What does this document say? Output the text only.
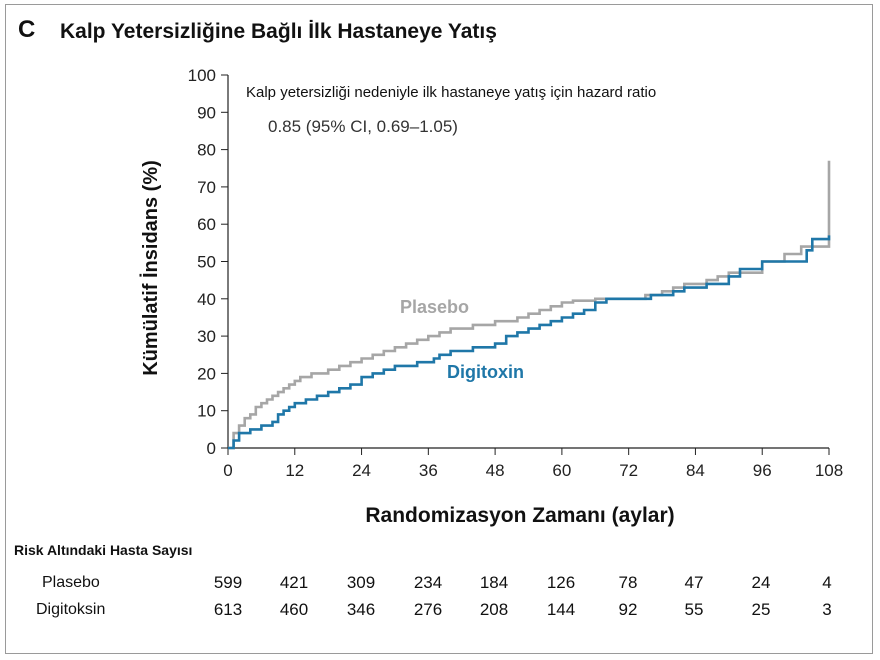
C Kalp Yetersizliğine Bağlı İlk Hastaneye Yatış
0
10
20
30
40
50
60
70
80
90
100
0	12	24	36	48	60	72	84	96	108
Kalp yetersizliği nedeniyle ilk hastaneye yatış için hazard ratio
0.85 (95% CI, 0.69–1.05)
Plasebo
Digitoxin
Randomizasyon Zamanı (aylar)
Kümülatif İnsidans (%)
Risk Altındaki Hasta Sayısı
Plasebo	599	421	309	234	184	126	78	47	24	4
Digitoksin	613	460	346	276	208	144	92	55	25	3
